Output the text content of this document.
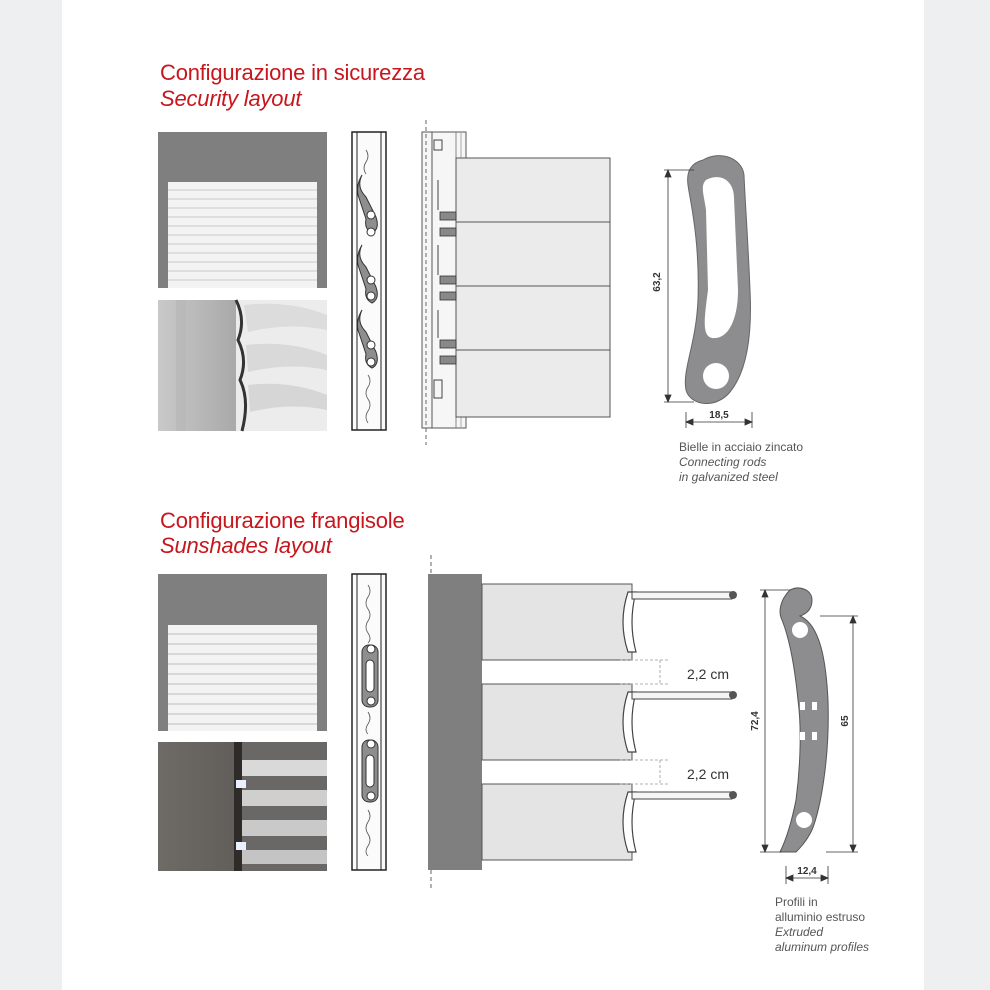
Configurazione in sicurezza
Security layout
Configurazione frangisole
Sunshades layout
63,2
18,5
72,4	65
12,4
2,2 cm
2,2 cm
Bielle in acciaio zincato
Connecting rods
in galvanized steel
Profili in
alluminio estruso
Extruded
aluminum profiles
